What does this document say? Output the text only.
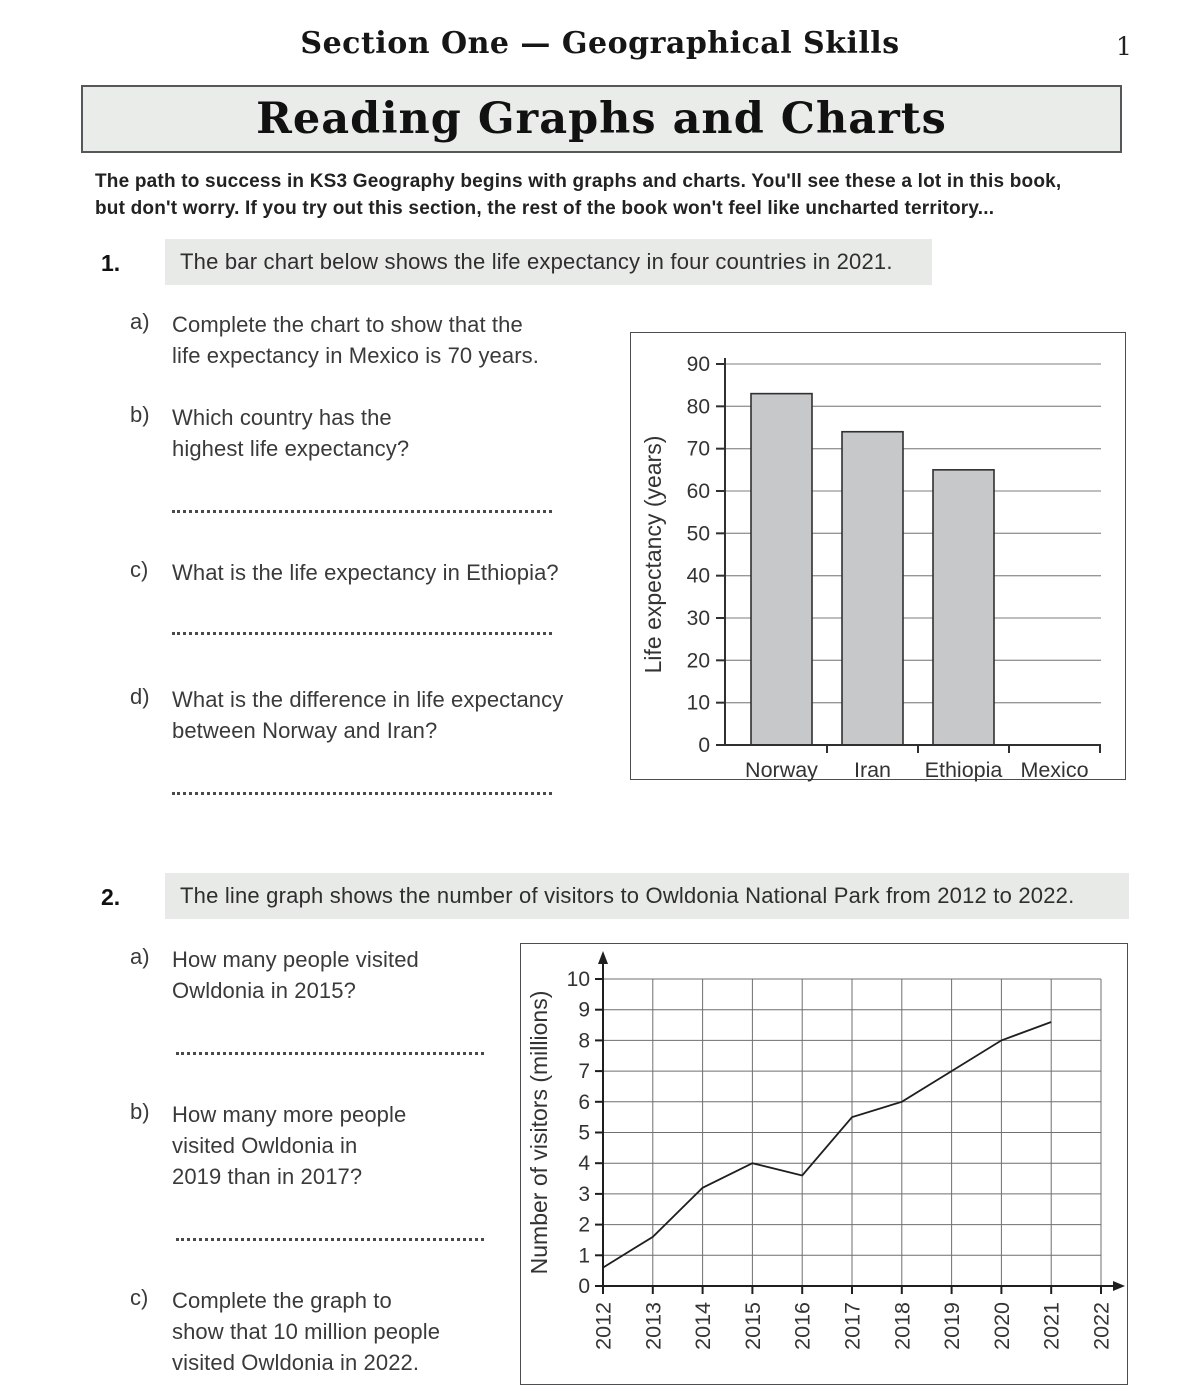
Section One — Geographical Skills	1
Reading Graphs and Charts
The path to success in KS3 Geography begins with graphs and charts. You'll see these a lot in this book,
but don't worry. If you try out this section, the rest of the book won't feel like uncharted territory...
1.	The bar chart below shows the life expectancy in four countries in 2021.
a) Complete the chart to show that the
life expectancy in Mexico is 70 years.
b) Which country has the
highest life expectancy?
c) What is the life expectancy in Ethiopia?
d) What is the difference in life expectancy
between Norway and Iran?
0
10
20
30
40
50
60
70
80
90
Norway Iran Ethiopia Mexico
Life expectancy (years)
2.	The line graph shows the number of visitors to Owldonia National Park from 2012 to 2022.
a) How many people visited
Owldonia in 2015?
b) How many more people
visited Owldonia in
2019 than in 2017?
c) Complete the graph to
show that 10 million people
visited Owldonia in 2022.
0
1
2
3
4
5
6
7
8
9
10
2012 2013 2014 2015 2016 2017 2018 2019 2020 2021 2022
Number of visitors (millions)
